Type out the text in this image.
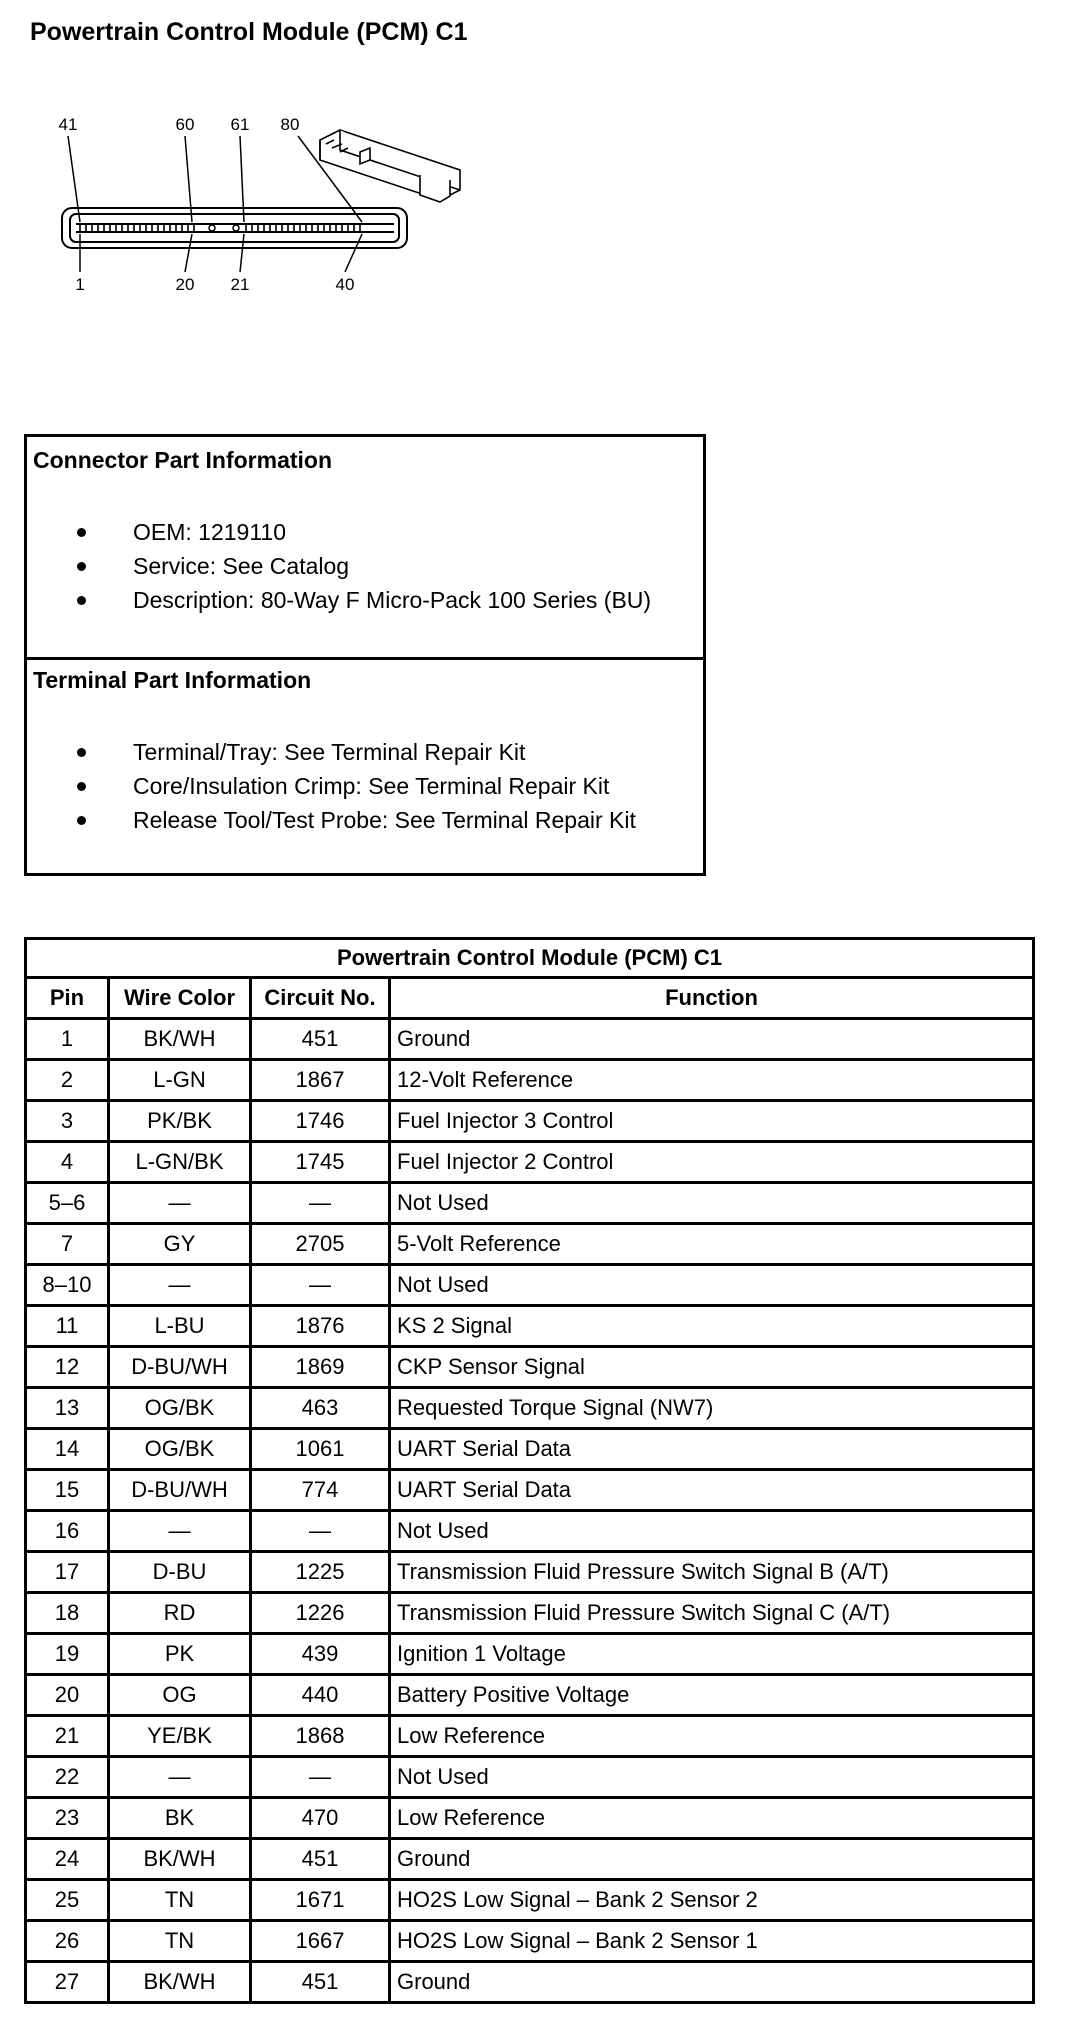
Powertrain Control Module (PCM) C1
41	60 61 80
1	20 21	40
Connector Part Information
OEM: 1219110
Service: See Catalog
Description: 80-Way F Micro-Pack 100 Series (BU)
Terminal Part Information
Terminal/Tray: See Terminal Repair Kit
Core/Insulation Crimp: See Terminal Repair Kit
Release Tool/Test Probe: See Terminal Repair Kit
Powertrain Control Module (PCM) C1			
Pin	Wire Color	Circuit No.	Function
1	BK/WH	451	Ground
2	L-GN	1867	12-Volt Reference
3	PK/BK	1746	Fuel Injector 3 Control
4	L-GN/BK	1745	Fuel Injector 2 Control
5–6	—	—	Not Used
7	GY	2705	5-Volt Reference
8–10	—	—	Not Used
11	L-BU	1876	KS 2 Signal
12	D-BU/WH	1869	CKP Sensor Signal
13	OG/BK	463	Requested Torque Signal (NW7)
14	OG/BK	1061	UART Serial Data
15	D-BU/WH	774	UART Serial Data
16	—	—	Not Used
17	D-BU	1225	Transmission Fluid Pressure Switch Signal B (A/T)
18	RD	1226	Transmission Fluid Pressure Switch Signal C (A/T)
19	PK	439	Ignition 1 Voltage
20	OG	440	Battery Positive Voltage
21	YE/BK	1868	Low Reference
22	—	—	Not Used
23	BK	470	Low Reference
24	BK/WH	451	Ground
25	TN	1671	HO2S Low Signal – Bank 2 Sensor 2
26	TN	1667	HO2S Low Signal – Bank 2 Sensor 1
27	BK/WH	451	Ground
